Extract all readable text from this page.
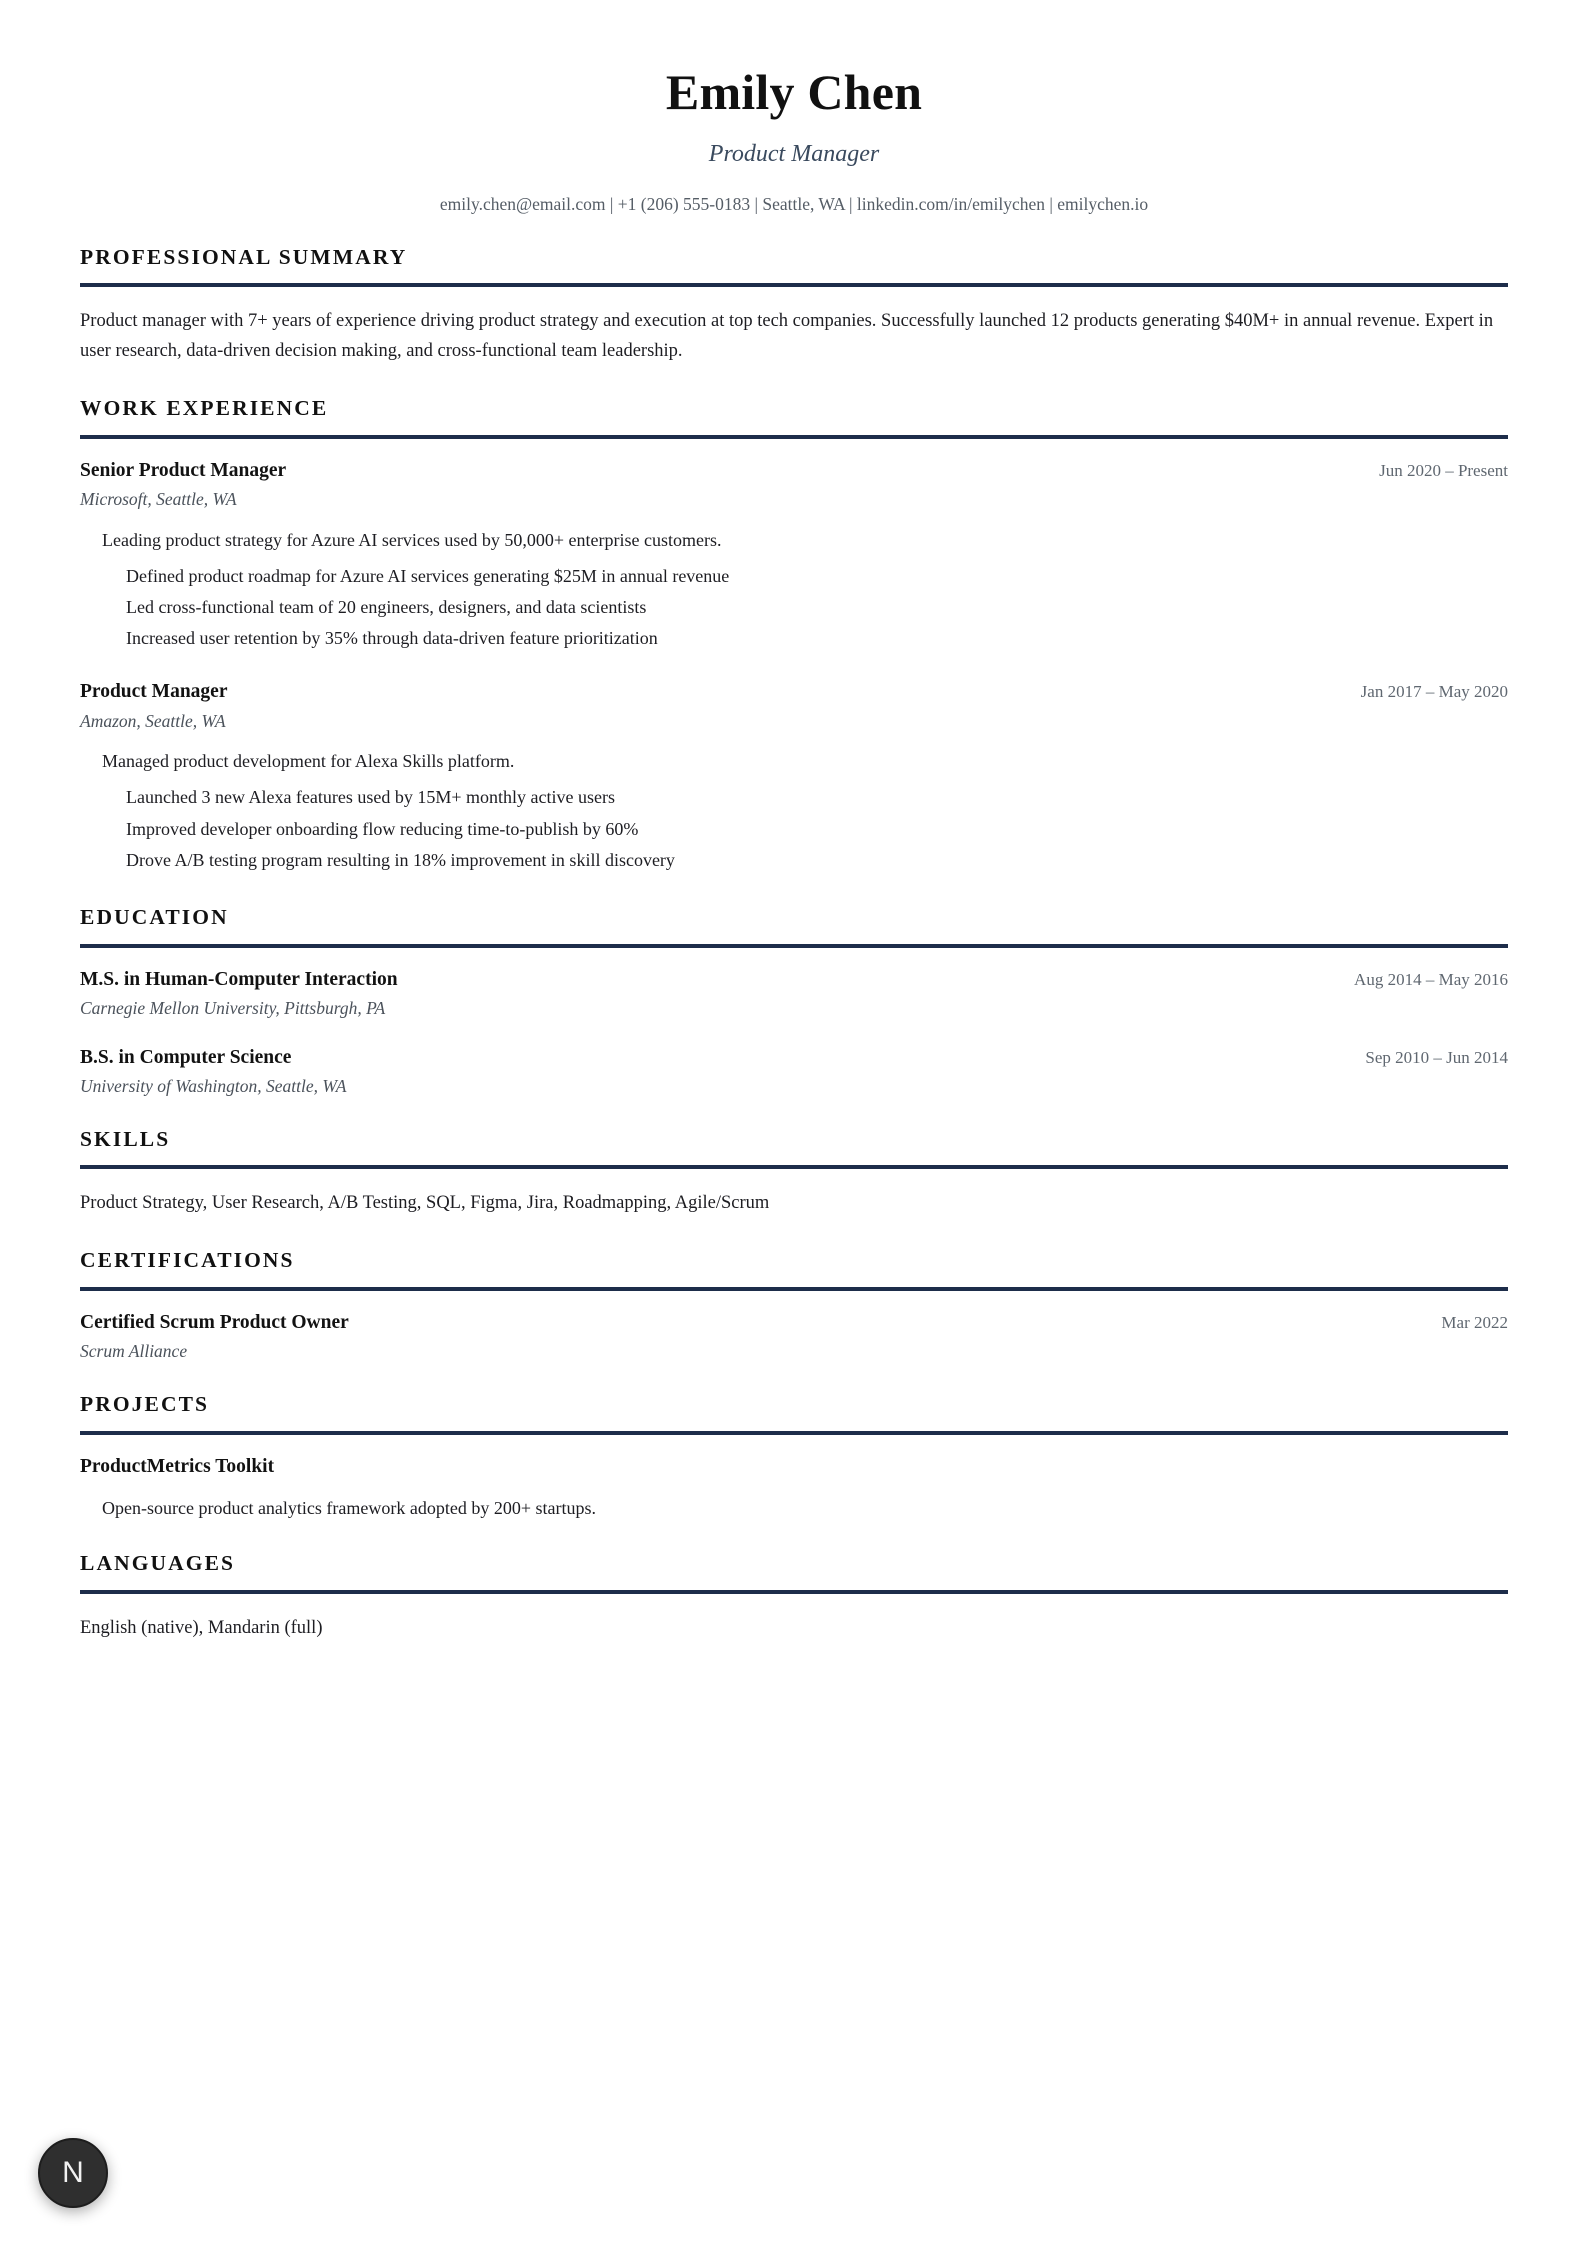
Emily Chen
Product Manager
emily.chen@email.com | +1 (206) 555-0183 | Seattle, WA | linkedin.com/in/emilychen | emilychen.io
PROFESSIONAL SUMMARY

Product manager with 7+ years of experience driving product strategy and execution at top tech companies. Successfully launched 12 products generating $40M+ in annual revenue. Expert in user research, data-driven decision making, and cross-functional team leadership.

WORK EXPERIENCE
Senior Product Manager	Jun 2020 – Present
Microsoft, Seattle, WA
Leading product strategy for Azure AI services used by 50,000+ enterprise customers.
Defined product roadmap for Azure AI services generating $25M in annual revenue
Led cross-functional team of 20 engineers, designers, and data scientists
Increased user retention by 35% through data-driven feature prioritization
Product Manager	Jan 2017 – May 2020
Amazon, Seattle, WA
Managed product development for Alexa Skills platform.
Launched 3 new Alexa features used by 15M+ monthly active users
Improved developer onboarding flow reducing time-to-publish by 60%
Drove A/B testing program resulting in 18% improvement in skill discovery
EDUCATION
M.S. in Human-Computer Interaction	Aug 2014 – May 2016
Carnegie Mellon University, Pittsburgh, PA
B.S. in Computer Science	Sep 2010 – Jun 2014
University of Washington, Seattle, WA
SKILLS

Product Strategy, User Research, A/B Testing, SQL, Figma, Jira, Roadmapping, Agile/Scrum

CERTIFICATIONS
Certified Scrum Product Owner	Mar 2022
Scrum Alliance
PROJECTS
ProductMetrics Toolkit
Open-source product analytics framework adopted by 200+ startups.
LANGUAGES

English (native), Mandarin (full)

N
